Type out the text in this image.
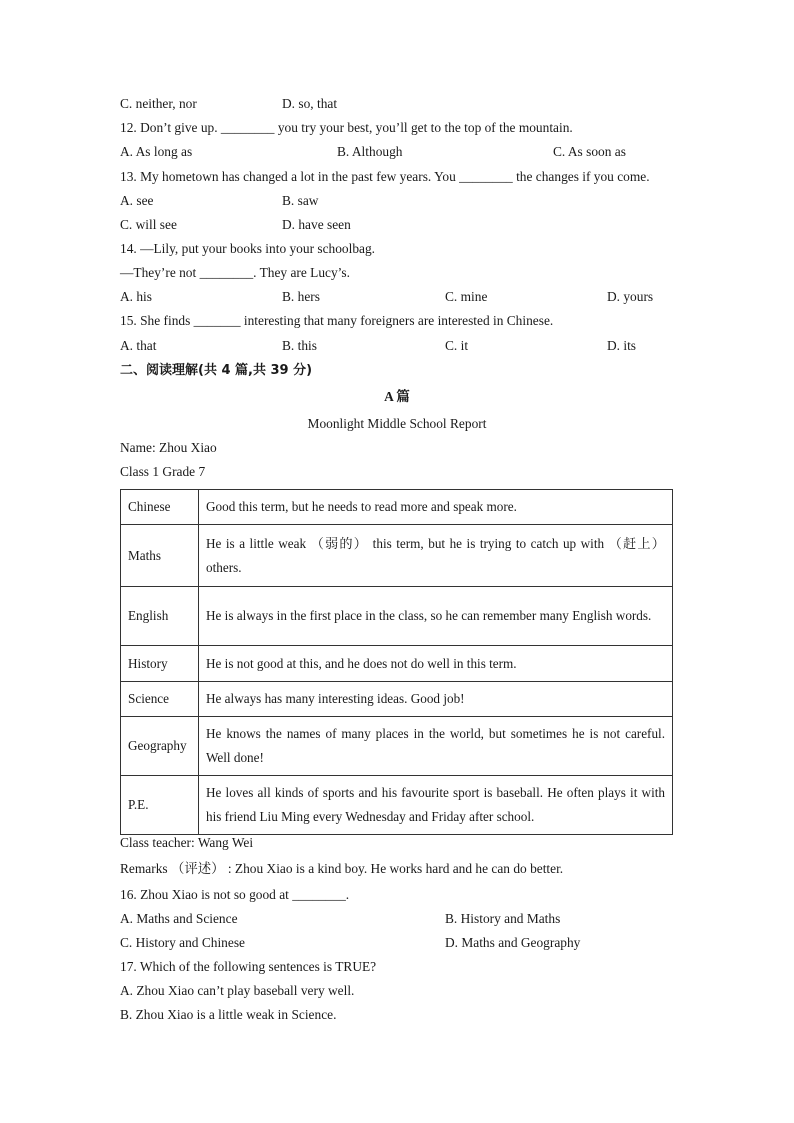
C. neither, nor	D. so, that
12. Don’t give up. ________ you try your best, you’ll get to the top of the mountain.
A. As long as	B. Although	C. As soon as
13. My hometown has changed a lot in the past few years. You ________ the changes if you come.
A. see	B. saw
C. will see	D. have seen
14. —Lily, put your books into your schoolbag.
—They’re not ________. They are Lucy’s.
A. his	B. hers	C. mine	D. yours
15. She finds _______ interesting that many foreigners are interested in Chinese.
A. that	B. this	C. it	D. its
二、阅读理解(共 4 篇,共 39 分)
A 篇
Moonlight Middle School Report
Name: Zhou Xiao
Class 1 Grade 7
Chinese	Good this term, but he needs to read more and speak more.
Maths	He is a little weak （弱的） this term, but he is trying to catch up with （赶上） others.
English	He is always in the first place in the class, so he can remember many English words.
History	He is not good at this, and he does not do well in this term.
Science	He always has many interesting ideas. Good job!
Geography	He knows the names of many places in the world, but sometimes he is not careful. Well done!
P.E.	He loves all kinds of sports and his favourite sport is baseball. He often plays it with his friend Liu Ming every Wednesday and Friday after school.
Class teacher: Wang Wei
Remarks （评述） : Zhou Xiao is a kind boy. He works hard and he can do better.
16. Zhou Xiao is not so good at ________.
A. Maths and Science	B. History and Maths
C. History and Chinese	D. Maths and Geography
17. Which of the following sentences is TRUE?
A. Zhou Xiao can’t play baseball very well.
B. Zhou Xiao is a little weak in Science.
